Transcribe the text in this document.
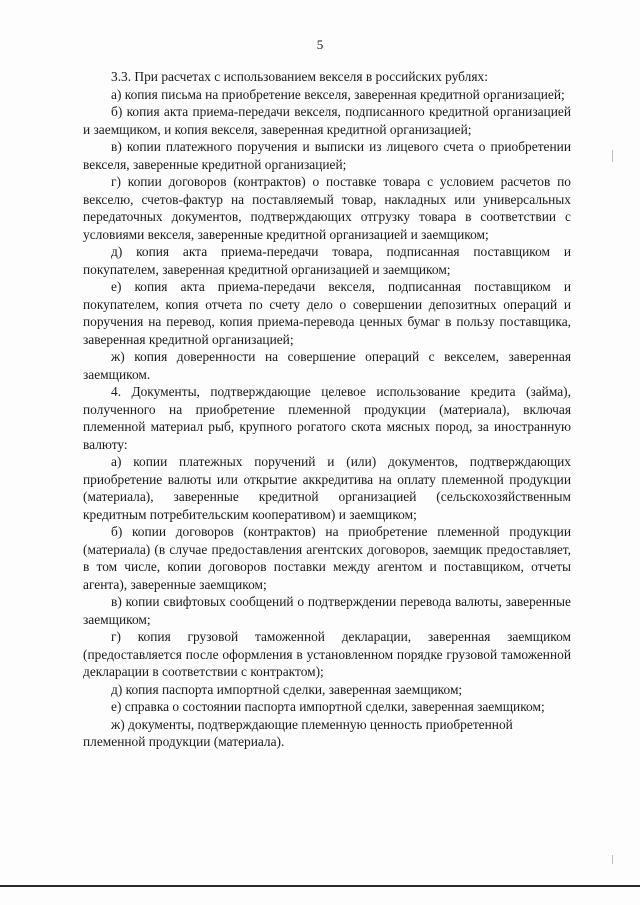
5

3.3. При расчетах с использованием векселя в российских рублях:

а) копия письма на приобретение векселя, заверенная кредитной организацией;

б) копия акта приема-передачи векселя, подписанного кредитной организацией и заемщиком, и копия векселя, заверенная кредитной организацией;

в) копии платежного поручения и выписки из лицевого счета о приобретении векселя, заверенные кредитной организацией;

г) копии договоров (контрактов) о поставке товара с условием расчетов по векселю, счетов-фактур на поставляемый товар, накладных или универсальных передаточных документов, подтверждающих отгрузку товара в соответствии с условиями векселя, заверенные кредитной организацией и заемщиком;

д) копия акта приема-передачи товара, подписанная поставщиком и покупателем, заверенная кредитной организацией и заемщиком;

е) копия акта приема-передачи векселя, подписанная поставщиком и покупателем, копия отчета по счету дело о совершении депозитных операций и поручения на перевод, копия приема-перевода ценных бумаг в пользу поставщика, заверенная кредитной организацией;

ж) копия доверенности на совершение операций с векселем, заверенная заемщиком.

4. Документы, подтверждающие целевое использование кредита (займа), полученного на приобретение племенной продукции (материала), включая племенной материал рыб, крупного рогатого скота мясных пород, за иностранную валюту:

а) копии платежных поручений и (или) документов, подтверждающих приобретение валюты или открытие аккредитива на оплату племенной продукции (материала), заверенные кредитной организацией (сельскохозяйственным кредитным потребительским кооперативом) и заемщиком;

б) копии договоров (контрактов) на приобретение племенной продукции (материала) (в случае предоставления агентских договоров, заемщик предоставляет, в том числе, копии договоров поставки между агентом и поставщиком, отчеты агента), заверенные заемщиком;

в) копии свифтовых сообщений о подтверждении перевода валюты, заверенные заемщиком;

г) копия грузовой таможенной декларации, заверенная заемщиком (предоставляется после оформления в установленном порядке грузовой таможенной декларации в соответствии с контрактом);

д) копия паспорта импортной сделки, заверенная заемщиком;

е) справка о состоянии паспорта импортной сделки, заверенная заемщиком;

ж) документы, подтверждающие племенную ценность приобретенной племенной продукции (материала).
